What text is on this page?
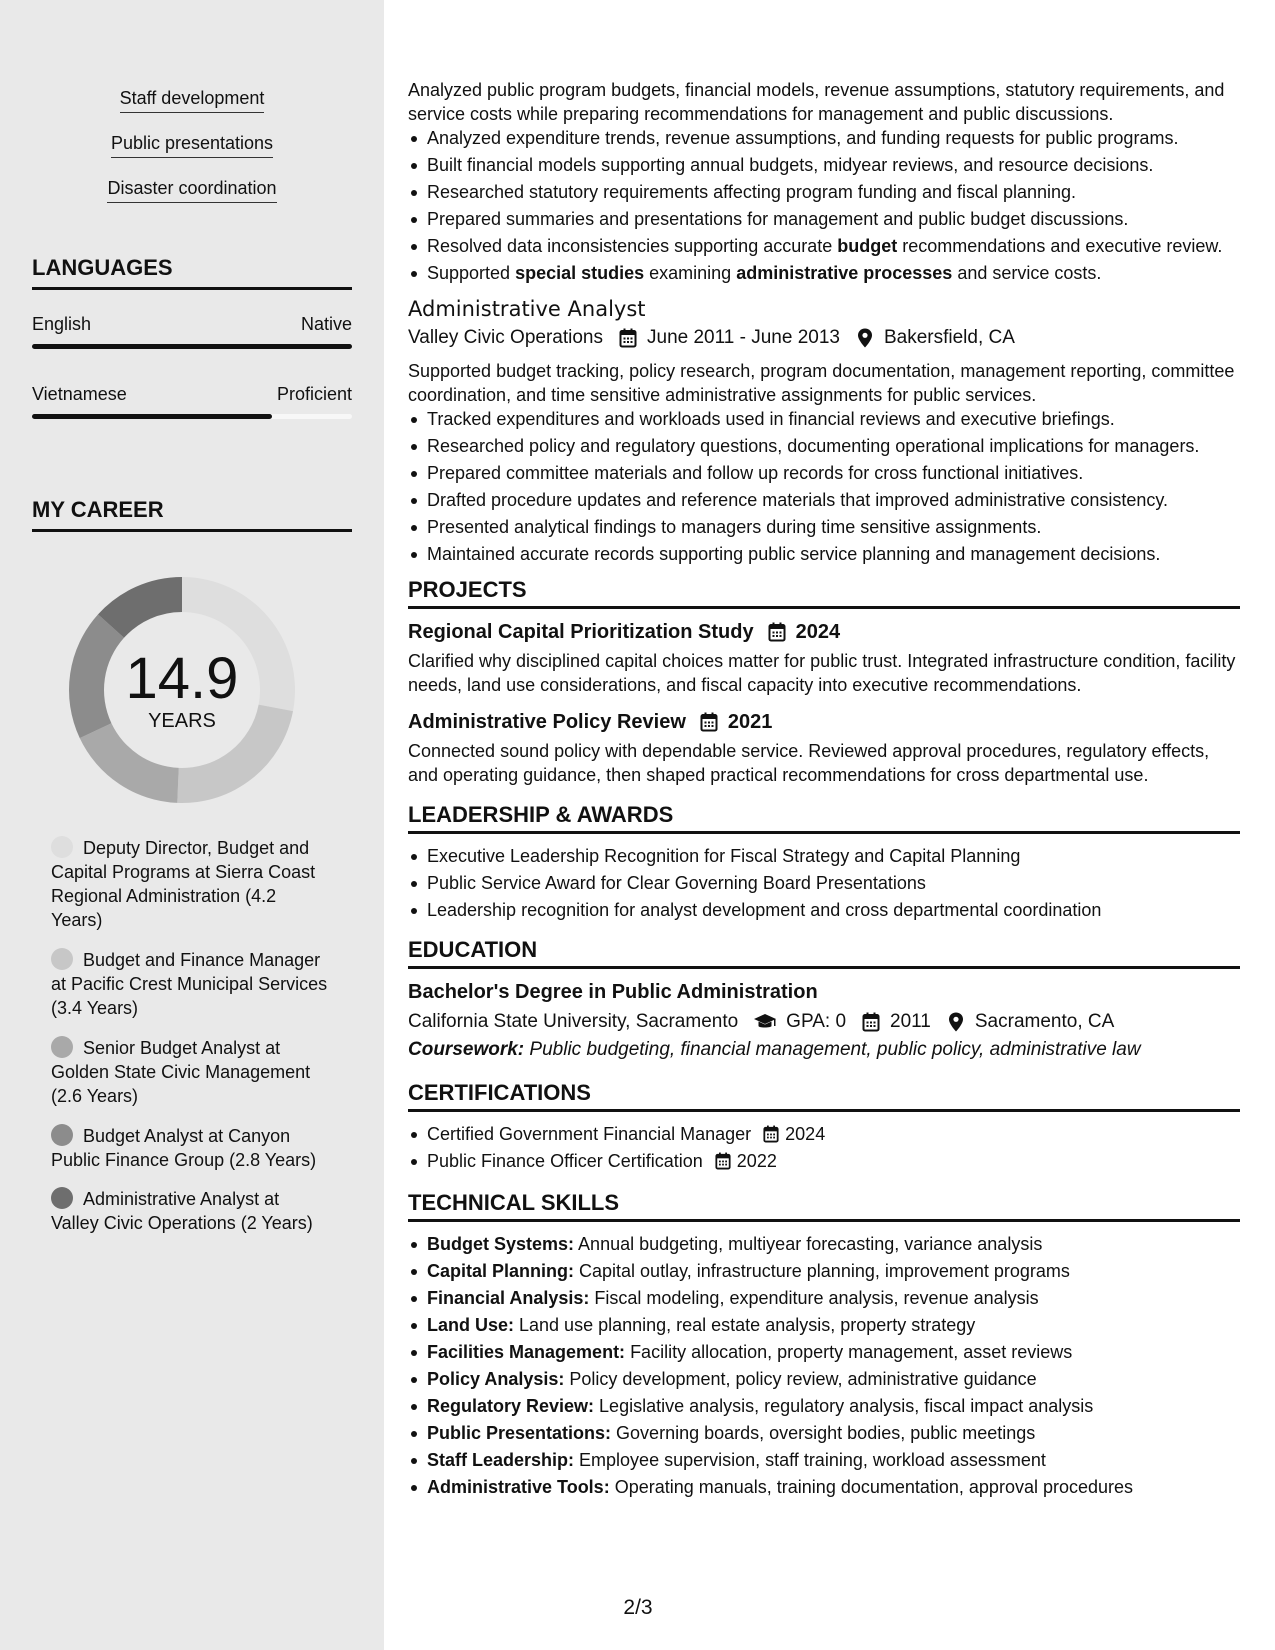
Staff development
Public presentations
Disaster coordination
LANGUAGES
English	Native
Vietnamese	Proficient
MY CAREER
14.9
YEARS
Deputy Director, Budget and Capital Programs at Sierra Coast Regional Administration (4.2 Years)
Budget and Finance Manager at Pacific Crest Municipal Services (3.4 Years)
Senior Budget Analyst at Golden State Civic Management (2.6 Years)
Budget Analyst at Canyon Public Finance Group (2.8 Years)
Administrative Analyst at Valley Civic Operations (2 Years)

Analyzed public program budgets, financial models, revenue assumptions, statutory requirements, and service costs while preparing recommendations for management and public discussions.

Analyzed expenditure trends, revenue assumptions, and funding requests for public programs.
Built financial models supporting annual budgets, midyear reviews, and resource decisions.
Researched statutory requirements affecting program funding and fiscal planning.
Prepared summaries and presentations for management and public budget discussions.
Resolved data inconsistencies supporting accurate budget recommendations and executive review.
Supported special studies examining administrative processes and service costs.
Administrative Analyst
Valley Civic Operations June 2011 - June 2013 Bakersfield, CA

Supported budget tracking, policy research, program documentation, management reporting, committee coordination, and time sensitive administrative assignments for public services.

Tracked expenditures and workloads used in financial reviews and executive briefings.
Researched policy and regulatory questions, documenting operational implications for managers.
Prepared committee materials and follow up records for cross functional initiatives.
Drafted procedure updates and reference materials that improved administrative consistency.
Presented analytical findings to managers during time sensitive assignments.
Maintained accurate records supporting public service planning and management decisions.
PROJECTS
Regional Capital Prioritization Study 2024

Clarified why disciplined capital choices matter for public trust. Integrated infrastructure condition, facility needs, land use considerations, and fiscal capacity into executive recommendations.

Administrative Policy Review 2021

Connected sound policy with dependable service. Reviewed approval procedures, regulatory effects, and operating guidance, then shaped practical recommendations for cross departmental use.

LEADERSHIP & AWARDS
Executive Leadership Recognition for Fiscal Strategy and Capital Planning
Public Service Award for Clear Governing Board Presentations
Leadership recognition for analyst development and cross departmental coordination
EDUCATION
Bachelor's Degree in Public Administration
California State University, Sacramento	GPA: 0 2011 Sacramento, CA
Coursework: Public budgeting, financial management, public policy, administrative law
CERTIFICATIONS
Certified Government Financial Manager 2024
Public Finance Officer Certification 2022
TECHNICAL SKILLS
Budget Systems: Annual budgeting, multiyear forecasting, variance analysis
Capital Planning: Capital outlay, infrastructure planning, improvement programs
Financial Analysis: Fiscal modeling, expenditure analysis, revenue analysis
Land Use: Land use planning, real estate analysis, property strategy
Facilities Management: Facility allocation, property management, asset reviews
Policy Analysis: Policy development, policy review, administrative guidance
Regulatory Review: Legislative analysis, regulatory analysis, fiscal impact analysis
Public Presentations: Governing boards, oversight bodies, public meetings
Staff Leadership: Employee supervision, staff training, workload assessment
Administrative Tools: Operating manuals, training documentation, approval procedures
2/3
